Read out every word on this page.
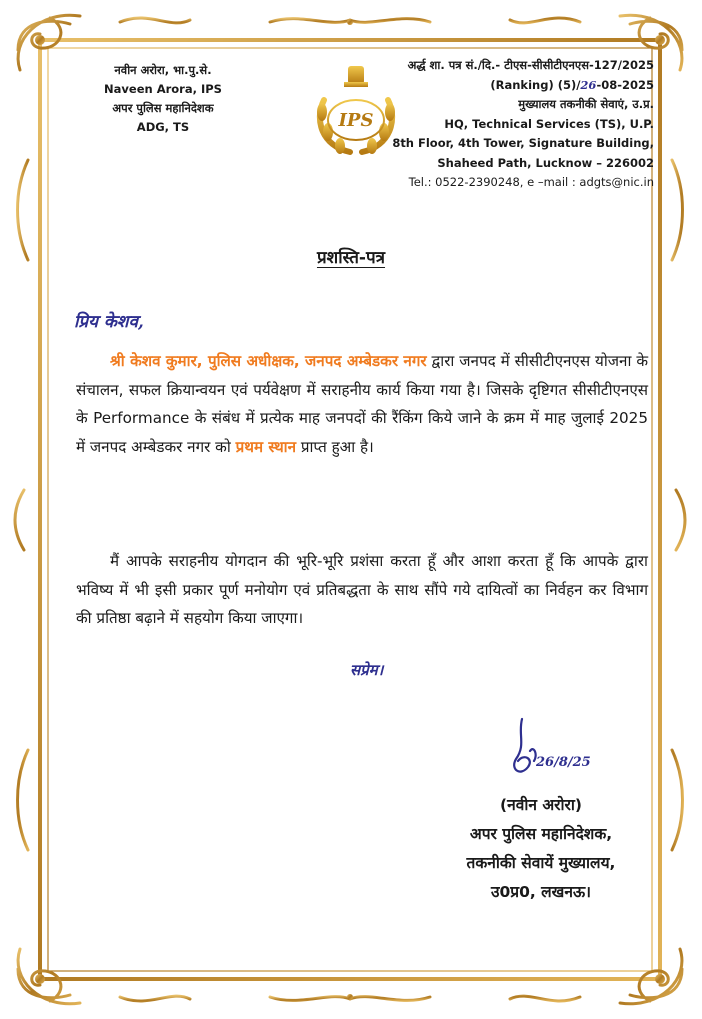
नवीन अरोरा, भा.पु.से.
Naveen Arora, IPS
अपर पुलिस महानिदेशक
ADG, TS	IPS
अर्द्ध शा. पत्र सं./दि.- टीएस-सीसीटीएनएस-127/2025
(Ranking) (5)/26-08-2025
मुख्यालय तकनीकी सेवाएं, उ.प्र.
HQ, Technical Services (TS), U.P.
8th Floor, 4th Tower, Signature Building,
Shaheed Path, Lucknow – 226002
Tel.: 0522-2390248, e –mail : adgts@nic.in
प्रशस्ति-पत्र
प्रिय केशव,
श्री केशव कुमार, पुलिस अधीक्षक, जनपद अम्बेडकर नगर द्वारा जनपद में सीसीटीएनएस योजना के संचालन, सफल क्रियान्वयन एवं पर्यवेक्षण में सराहनीय कार्य किया गया है। जिसके दृष्टिगत सीसीटीएनएस के Performance के संबंध में प्रत्येक माह जनपदों की रैंकिंग किये जाने के क्रम में माह जुलाई 2025 में जनपद अम्बेडकर नगर को प्रथम स्थान प्राप्त हुआ है।
मैं आपके सराहनीय योगदान की भूरि-भूरि प्रशंसा करता हूँ और आशा करता हूँ कि आपके द्वारा भविष्य में भी इसी प्रकार पूर्ण मनोयोग एवं प्रतिबद्धता के साथ सौंपे गये दायित्वों का निर्वहन कर विभाग की प्रतिष्ठा बढ़ाने में सहयोग किया जाएगा।
सप्रेम।
26/8/25
(नवीन अरोरा)
अपर पुलिस महानिदेशक,
तकनीकी सेवायें मुख्यालय,
उ0प्र0, लखनऊ।
